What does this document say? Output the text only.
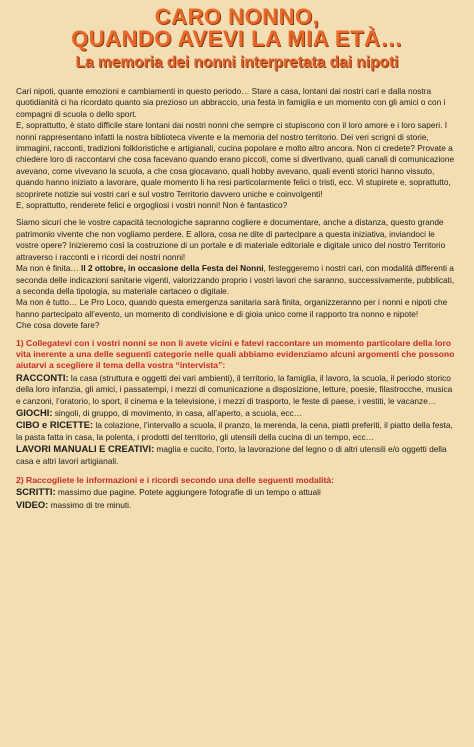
CARO NONNO,
QUANDO AVEVI LA MIA ETÀ…
La memoria dei nonni interpretata dai nipoti

Cari nipoti, quante emozioni e cambiamenti in questo periodo… Stare a casa, lontani dai nostri cari e dalla nostra quotidianità ci ha ricordato quanto sia prezioso un abbraccio, una festa in famiglia e un momento con gli amici o con i compagni di scuola o dello sport.

E, soprattutto, è stato difficile stare lontani dai nostri nonni che sempre ci stupiscono con il loro amore e i loro saperi. I nonni rappresentano infatti la nostra biblioteca vivente e la memoria del nostro territorio. Dei veri scrigni di storie, immagini, racconti, tradizioni folkloristiche e artigianali, cucina popolare e molto altro ancora. Non ci credete? Provate a chiedere loro di raccontarvi che cosa facevano quando erano piccoli, come si divertivano, quali canali di comunicazione avevano, come vivevano la scuola, a che cosa giocavano, quali hobby avevano, quali eventi storici hanno vissuto, quando hanno iniziato a lavorare, quale momento li ha resi particolarmente felici o tristi, ecc. Vi stupirete e, soprattutto, scoprirete notizie sui vostri cari e sul vostro Territorio davvero uniche e coinvolgenti!

E, soprattutto, renderete felici e orgogliosi i vostri nonni! Non è fantastico?

Siamo sicuri che le vostre capacità tecnologiche sapranno cogliere e documentare, anche a distanza, questo grande patrimonio vivente che non vogliamo perdere. E allora, cosa ne dite di partecipare a questa iniziativa, inviandoci le vostre opere? Inizieremo così la costruzione di un portale e di materiale editoriale e digitale unico del nostro Territorio attraverso i racconti e i ricordi dei nostri nonni!

Ma non è finita… Il 2 ottobre, in occasione della Festa dei Nonni, festeggeremo i nostri cari, con modalità differenti a seconda delle indicazioni sanitarie vigenti, valorizzando proprio i vostri lavori che saranno, successivamente, pubblicati, a seconda della tipologia, su materiale cartaceo o digitale.

Ma non è tutto… Le Pro Loco, quando questa emergenza sanitaria sarà finita, organizzeranno per i nonni e nipoti che hanno partecipato all’evento, un momento di condivisione e di gioia unico come il rapporto tra nonno e nipote!

Che cosa dovete fare?

1) Collegatevi con i vostri nonni se non li avete vicini e fatevi raccontare un momento particolare della loro vita inerente a una delle seguenti categorie nelle quali abbiamo evidenziamo alcuni argomenti che possono aiutarvi a scegliere il tema della vostra “intervista”:

RACCONTI: la casa (struttura e oggetti dei vari ambienti), il territorio, la famiglia, il lavoro, la scuola, il periodo storico della loro infanzia, gli amici, i passatempi, i mezzi di comunicazione a disposizione, letture, poesie, filastrocche, musica e canzoni, l’oratorio, lo sport, il cinema e la televisione, i mezzi di trasporto, le feste di paese, i vestiti, le vacanze…

GIOCHI: singoli, di gruppo, di movimento, in casa, all’aperto, a scuola, ecc…

CIBO e RICETTE: la colazione, l’intervallo a scuola, il pranzo, la merenda, la cena, piatti preferiti, il piatto della festa, la pasta fatta in casa, la polenta, i prodotti del territorio, gli utensili della cucina di un tempo, ecc…

LAVORI MANUALI E CREATIVI: maglia e cucito, l’orto, la lavorazione del legno o di altri utensili e/o oggetti della casa e altri lavori artigianali.

2) Raccogliete le informazioni e i ricordi secondo una delle seguenti modalità:

SCRITTI: massimo due pagine. Potete aggiungere fotografie di un tempo o attuali

VIDEO: massimo di tre minuti.
